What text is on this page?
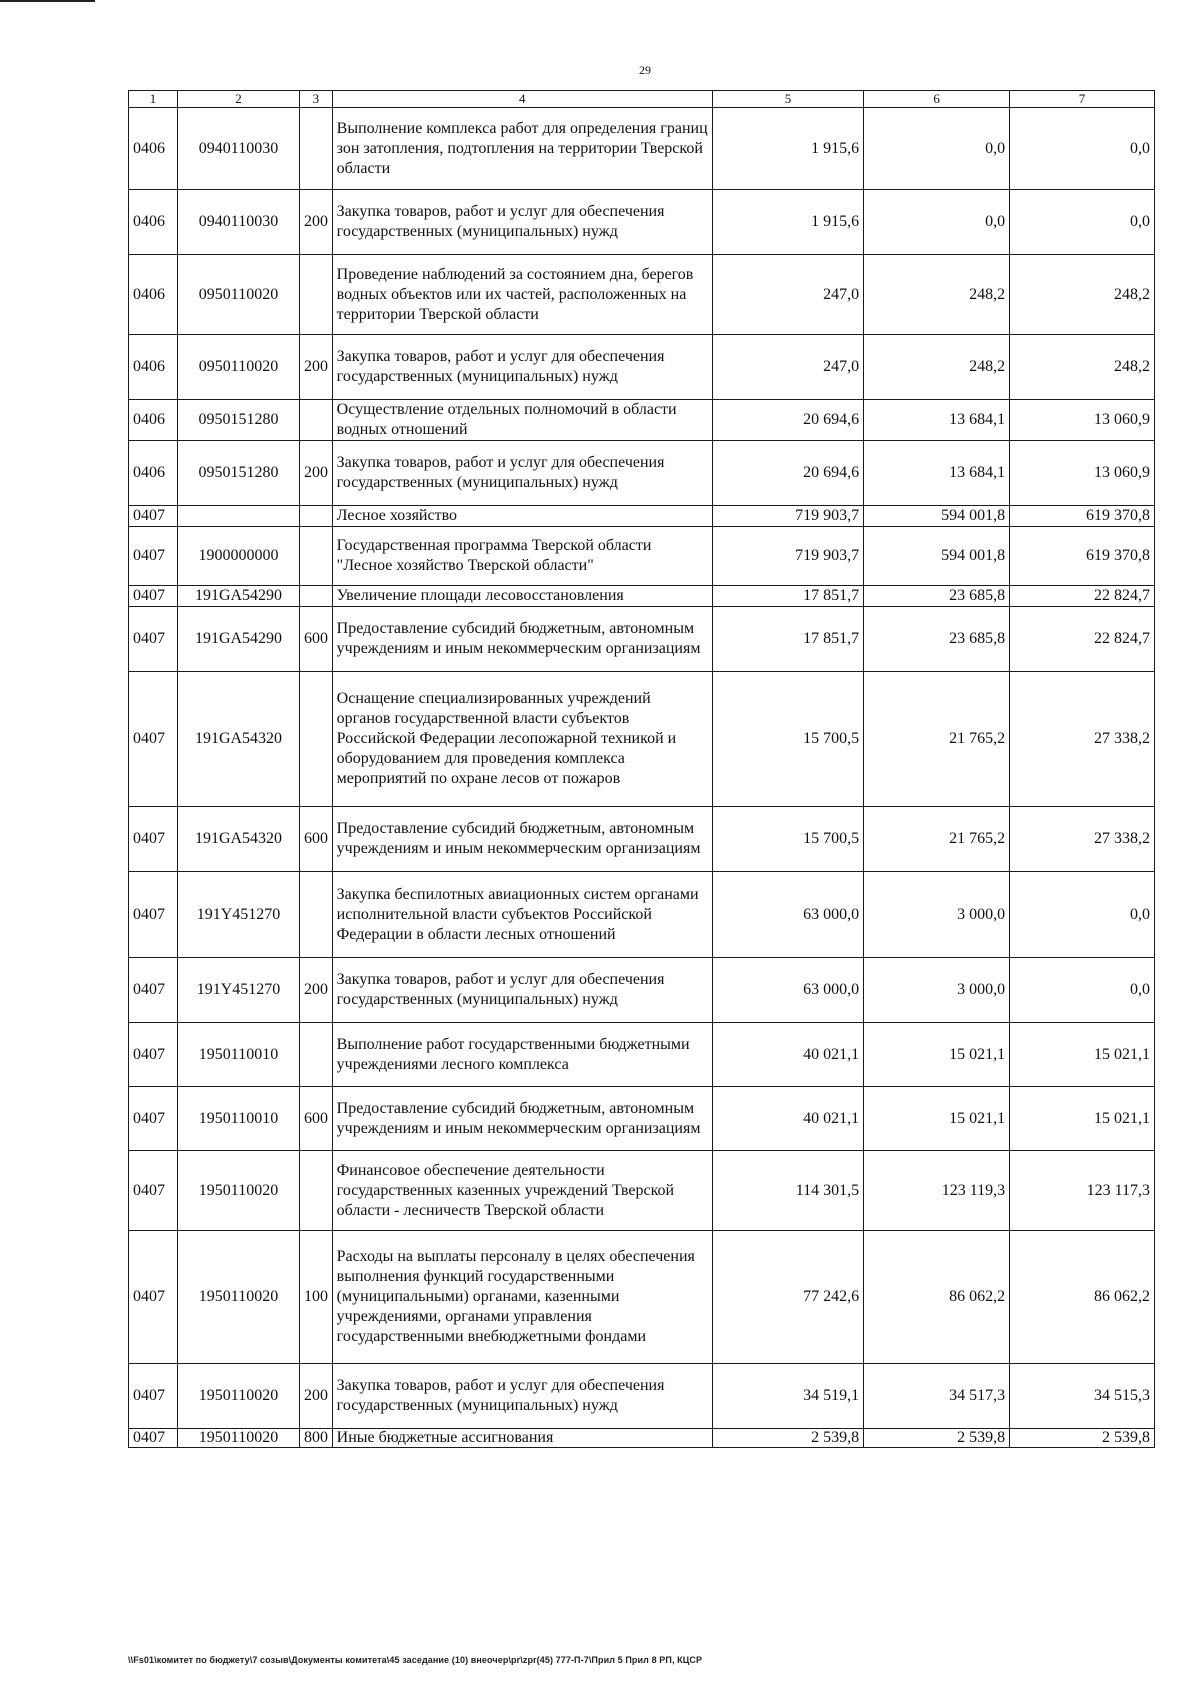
29
1	2	3	4	5	6	7
0406	0940110030		Выполнение комплекса работ для определения границ зон затопления, подтопления на территории Тверской области	1 915,6	0,0	0,0
0406	0940110030	200	Закупка товаров, работ и услуг для обеспечения государственных (муниципальных) нужд	1 915,6	0,0	0,0
0406	0950110020		Проведение наблюдений за состоянием дна, берегов водных объектов или их частей, расположенных на территории Тверской области	247,0	248,2	248,2
0406	0950110020	200	Закупка товаров, работ и услуг для обеспечения государственных (муниципальных) нужд	247,0	248,2	248,2
0406	0950151280		Осуществление отдельных полномочий в области водных отношений	20 694,6	13 684,1	13 060,9
0406	0950151280	200	Закупка товаров, работ и услуг для обеспечения государственных (муниципальных) нужд	20 694,6	13 684,1	13 060,9
0407			Лесное хозяйство	719 903,7	594 001,8	619 370,8
0407	1900000000		Государственная программа Тверской области "Лесное хозяйство Тверской области"	719 903,7	594 001,8	619 370,8
0407	191GA54290		Увеличение площади лесовосстановления	17 851,7	23 685,8	22 824,7
0407	191GA54290	600	Предоставление субсидий бюджетным, автономным учреждениям и иным некоммерческим организациям	17 851,7	23 685,8	22 824,7
0407	191GA54320		Оснащение специализированных учреждений органов государственной власти субъектов Российской Федерации лесопожарной техникой и оборудованием для проведения комплекса мероприятий по охране лесов от пожаров	15 700,5	21 765,2	27 338,2
0407	191GA54320	600	Предоставление субсидий бюджетным, автономным учреждениям и иным некоммерческим организациям	15 700,5	21 765,2	27 338,2
0407	191Y451270		Закупка беспилотных авиационных систем органами исполнительной власти субъектов Российской Федерации в области лесных отношений	63 000,0	3 000,0	0,0
0407	191Y451270	200	Закупка товаров, работ и услуг для обеспечения государственных (муниципальных) нужд	63 000,0	3 000,0	0,0
0407	1950110010		Выполнение работ государственными бюджетными учреждениями лесного комплекса	40 021,1	15 021,1	15 021,1
0407	1950110010	600	Предоставление субсидий бюджетным, автономным учреждениям и иным некоммерческим организациям	40 021,1	15 021,1	15 021,1
0407	1950110020		Финансовое обеспечение деятельности государственных казенных учреждений Тверской области - лесничеств Тверской области	114 301,5	123 119,3	123 117,3
0407	1950110020	100	Расходы на выплаты персоналу в целях обеспечения выполнения функций государственными (муниципальными) органами, казенными учреждениями, органами управления государственными внебюджетными фондами	77 242,6	86 062,2	86 062,2
0407	1950110020	200	Закупка товаров, работ и услуг для обеспечения государственных (муниципальных) нужд	34 519,1	34 517,3	34 515,3
0407	1950110020	800	Иные бюджетные ассигнования	2 539,8	2 539,8	2 539,8
\\Fs01\комитет по бюджету\7 созыв\Документы комитета\45 заседание (10) внеочер\pr\zpr(45) 777-П-7\Прил 5 Прил 8 РП, КЦСР
